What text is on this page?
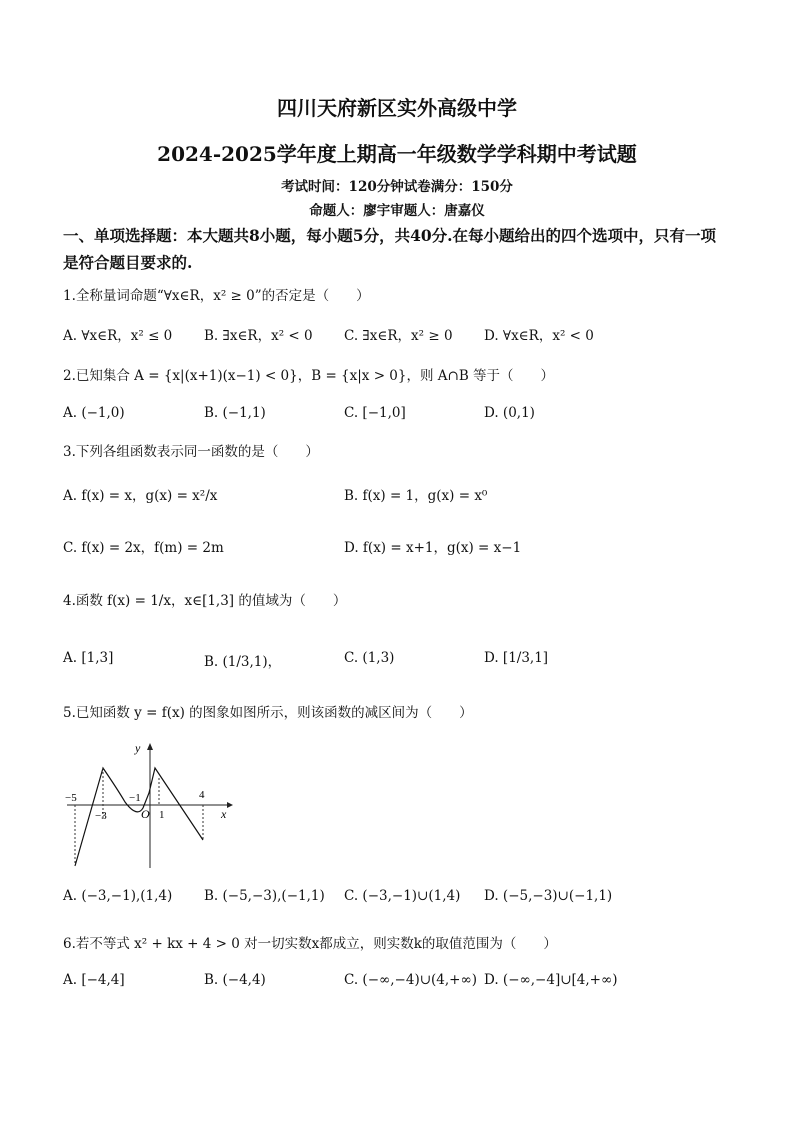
四川天府新区实外高级中学
2024-2025学年度上期高一年级数学学科期中考试题
考试时间：120分钟试卷满分：150分
命题人：廖宇审题人：唐嘉仪
一、单项选择题：本大题共8小题，每小题5分，共40分.在每小题给出的四个选项中，只有一项是符合题目要求的.
1.全称量词命题“∀x∈R，x² ≥ 0”的否定是（　　）
A. ∀x∈R，x² ≤ 0 B. ∃x∈R，x² < 0 C. ∃x∈R，x² ≥ 0 D. ∀x∈R，x² < 0
2.已知集合 A = {x|(x+1)(x−1) < 0}，B = {x|x > 0}，则 A∩B 等于（　　）
A. (−1,0)	B. (−1,1)	C. [−1,0]	D. (0,1)
3.下列各组函数表示同一函数的是（　　）
A. f(x) = x，g(x) = x²/x	B. f(x) = 1，g(x) = x⁰
C. f(x) = 2x，f(m) = 2m	D. f(x) = x+1，g(x) = x−1
4.函数 f(x) = 1/x，x∈[1,3] 的值域为（　　）
A. [1,3]	B. (1/3,1)，	C. (1,3)	D. [1/3,1]
5.已知函数 y = f(x) 的图象如图所示，则该函数的减区间为（　　）
y
x
O
−5
−3
−1
1
4
A. (−3,−1),(1,4) B. (−5,−3),(−1,1) C. (−3,−1)∪(1,4) D. (−5,−3)∪(−1,1)
6.若不等式 x² + kx + 4 > 0 对一切实数x都成立，则实数k的取值范围为（　　）
A. [−4,4]	B. (−4,4)	C. (−∞,−4)∪(4,+∞) D. (−∞,−4]∪[4,+∞)
